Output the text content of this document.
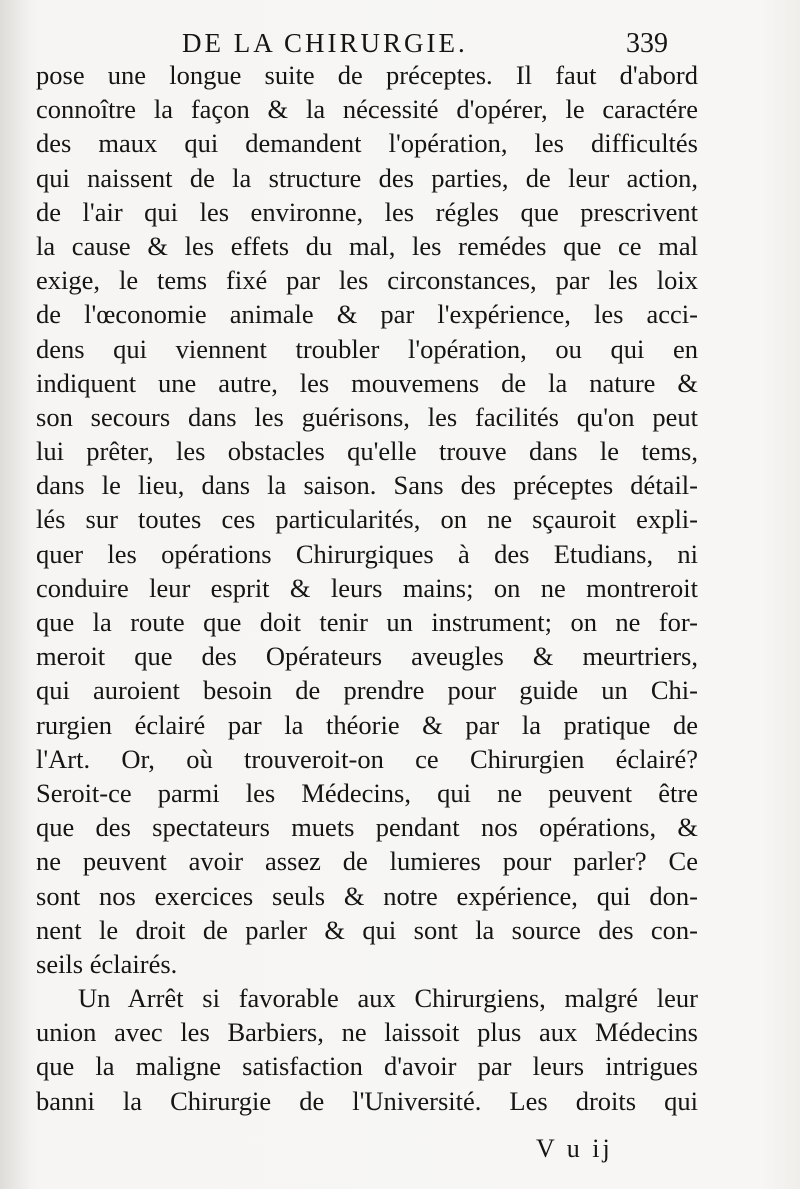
DE LA CHIRURGIE.	339
pose une longue suite de préceptes. Il faut d'abord
connoître la façon & la nécessité d'opérer, le caractére
des maux qui demandent l'opération, les difficultés
qui naissent de la structure des parties, de leur action,
de l'air qui les environne, les régles que prescrivent
la cause & les effets du mal, les remédes que ce mal
exige, le tems fixé par les circonstances, par les loix
de l'œconomie animale & par l'expérience, les acci-
dens qui viennent troubler l'opération, ou qui en
indiquent une autre, les mouvemens de la nature &
son secours dans les guérisons, les facilités qu'on peut
lui prêter, les obstacles qu'elle trouve dans le tems,
dans le lieu, dans la saison. Sans des préceptes détail-
lés sur toutes ces particularités, on ne sçauroit expli-
quer les opérations Chirurgiques à des Etudians, ni
conduire leur esprit & leurs mains; on ne montreroit
que la route que doit tenir un instrument; on ne for-
meroit que des Opérateurs aveugles & meurtriers,
qui auroient besoin de prendre pour guide un Chi-
rurgien éclairé par la théorie & par la pratique de
l'Art. Or, où trouveroit-on ce Chirurgien éclairé?
Seroit-ce parmi les Médecins, qui ne peuvent être
que des spectateurs muets pendant nos opérations, &
ne peuvent avoir assez de lumieres pour parler? Ce
sont nos exercices seuls & notre expérience, qui don-
nent le droit de parler & qui sont la source des con-
seils éclairés.
Un Arrêt si favorable aux Chirurgiens, malgré leur
union avec les Barbiers, ne laissoit plus aux Médecins
que la maligne satisfaction d'avoir par leurs intrigues
banni la Chirurgie de l'Université. Les droits qui
V u ij
